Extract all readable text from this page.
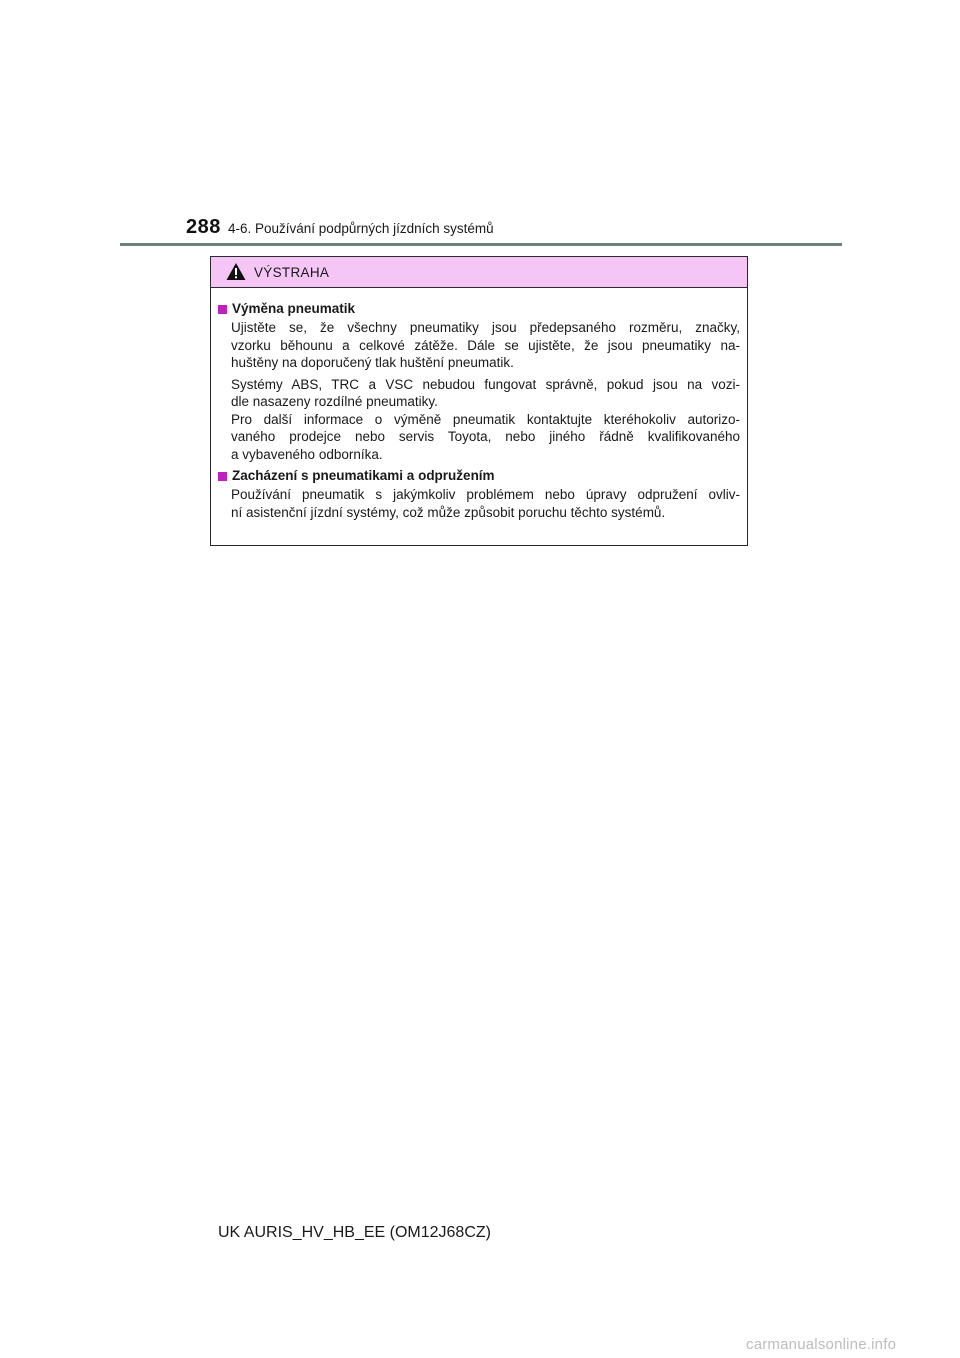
288 4-6. Používání podpůrných jízdních systémů
VÝSTRAHA
Výměna pneumatik

Ujistěte se, že všechny pneumatiky jsou předepsaného rozměru, značky,
vzorku běhounu a celkové zátěže. Dále se ujistěte, že jsou pneumatiky na-
huštěny na doporučený tlak huštění pneumatik.

Systémy ABS, TRC a VSC nebudou fungovat správně, pokud jsou na vozi-
dle nasazeny rozdílné pneumatiky.
Pro další informace o výměně pneumatik kontaktujte kteréhokoliv autorizo-
vaného prodejce nebo servis Toyota, nebo jiného řádně kvalifikovaného
a vybaveného odborníka.

Zacházení s pneumatikami a odpružením

Používání pneumatik s jakýmkoliv problémem nebo úpravy odpružení ovliv-
ní asistenční jízdní systémy, což může způsobit poruchu těchto systémů.

UK AURIS_HV_HB_EE (OM12J68CZ)
carmanualsonline.info
